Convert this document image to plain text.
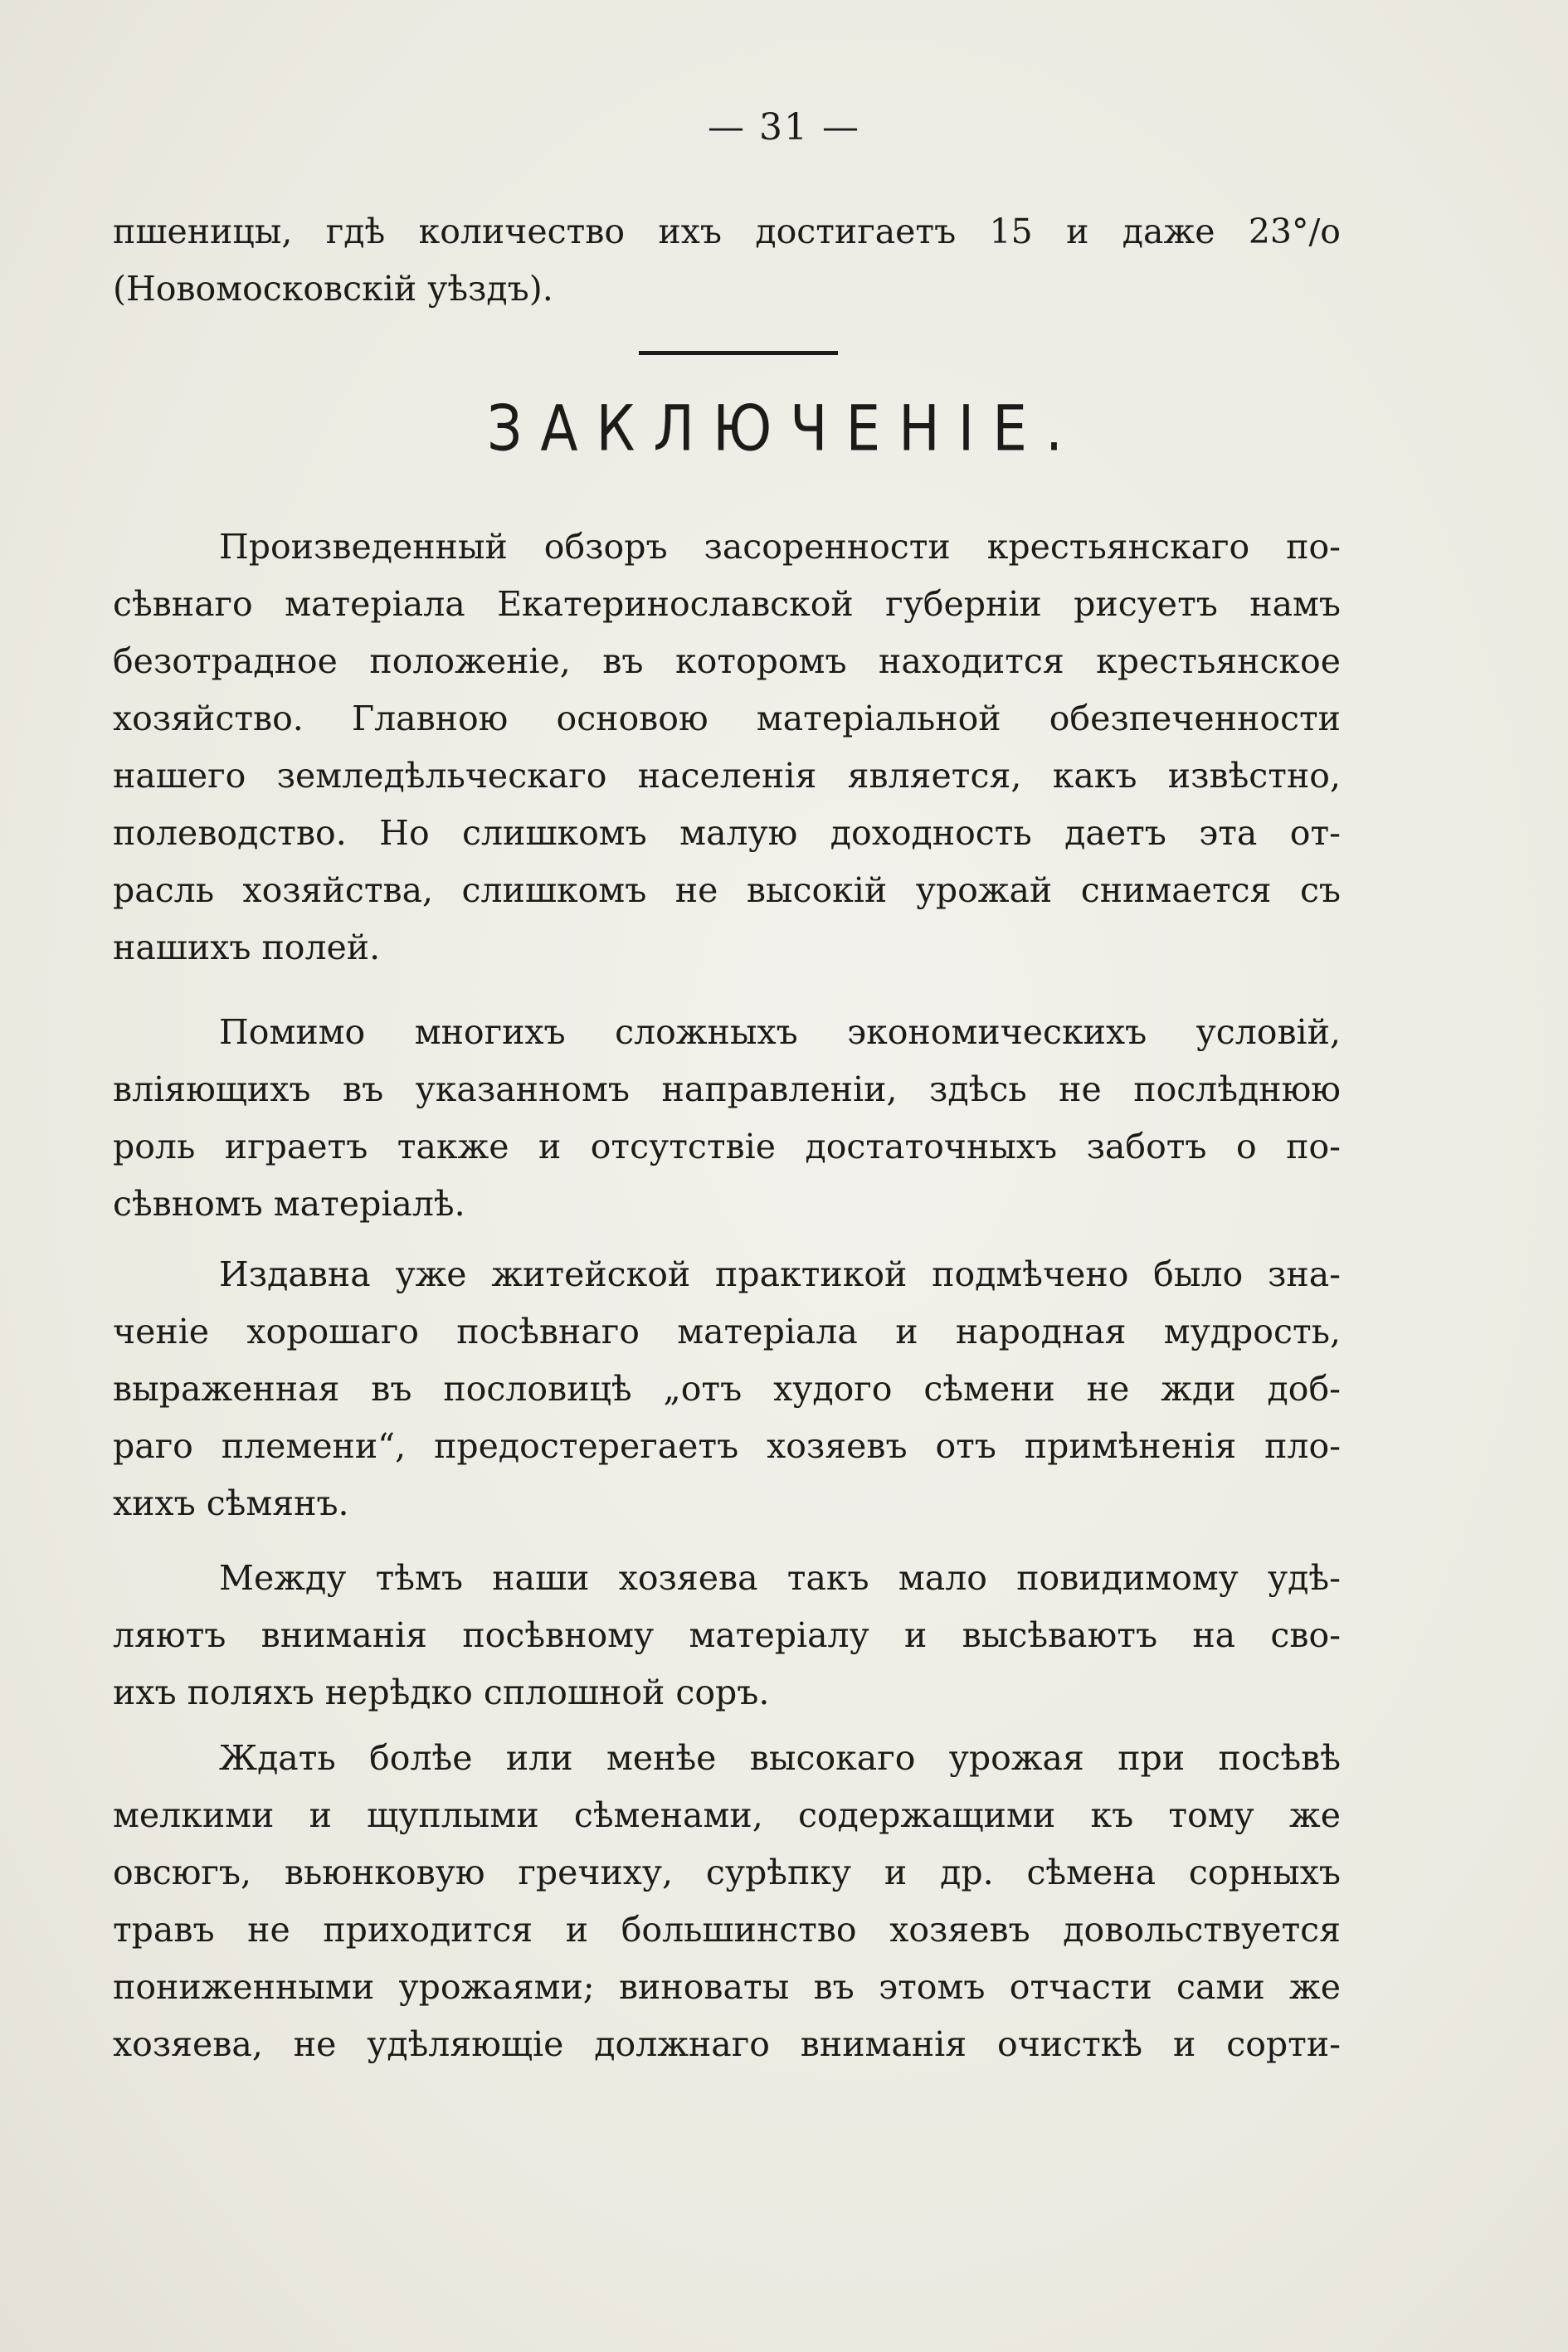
— 31 —
пшеницы, гдѣ количество ихъ достигаетъ 15 и даже 23°/о
(Новомосковскій уѣздъ).
ЗАКЛЮЧЕНІЕ.
Произведенный обзоръ засоренности крестьянскаго по-
сѣвнаго матеріала Екатеринославской губерніи рисуетъ намъ
безотрадное положеніе, въ которомъ находится крестьянское
хозяйство. Главною основою матеріальной обезпеченности
нашего земледѣльческаго населенія является, какъ извѣстно,
полеводство. Но слишкомъ малую доходность даетъ эта от-
расль хозяйства, слишкомъ не высокій урожай снимается съ
нашихъ полей.
Помимо многихъ сложныхъ экономическихъ условій,
вліяющихъ въ указанномъ направленіи, здѣсь не послѣднюю
роль играетъ также и отсутствіе достаточныхъ заботъ о по-
сѣвномъ матеріалѣ.
Издавна уже житейской практикой подмѣчено было зна-
ченіе хорошаго посѣвнаго матеріала и народная мудрость,
выраженная въ пословицѣ „отъ худого сѣмени не жди доб-
раго племени“, предостерегаетъ хозяевъ отъ примѣненія пло-
хихъ сѣмянъ.
Между тѣмъ наши хозяева такъ мало повидимому удѣ-
ляютъ вниманія посѣвному матеріалу и высѣваютъ на сво-
ихъ поляхъ нерѣдко сплошной соръ.
Ждать болѣе или менѣе высокаго урожая при посѣвѣ
мелкими и щуплыми сѣменами, содержащими къ тому же
овсюгъ, вьюнковую гречиху, сурѣпку и др. сѣмена сорныхъ
травъ не приходится и большинство хозяевъ довольствуется
пониженными урожаями; виноваты въ этомъ отчасти сами же
хозяева, не удѣляющіе должнаго вниманія очисткѣ и сорти-
